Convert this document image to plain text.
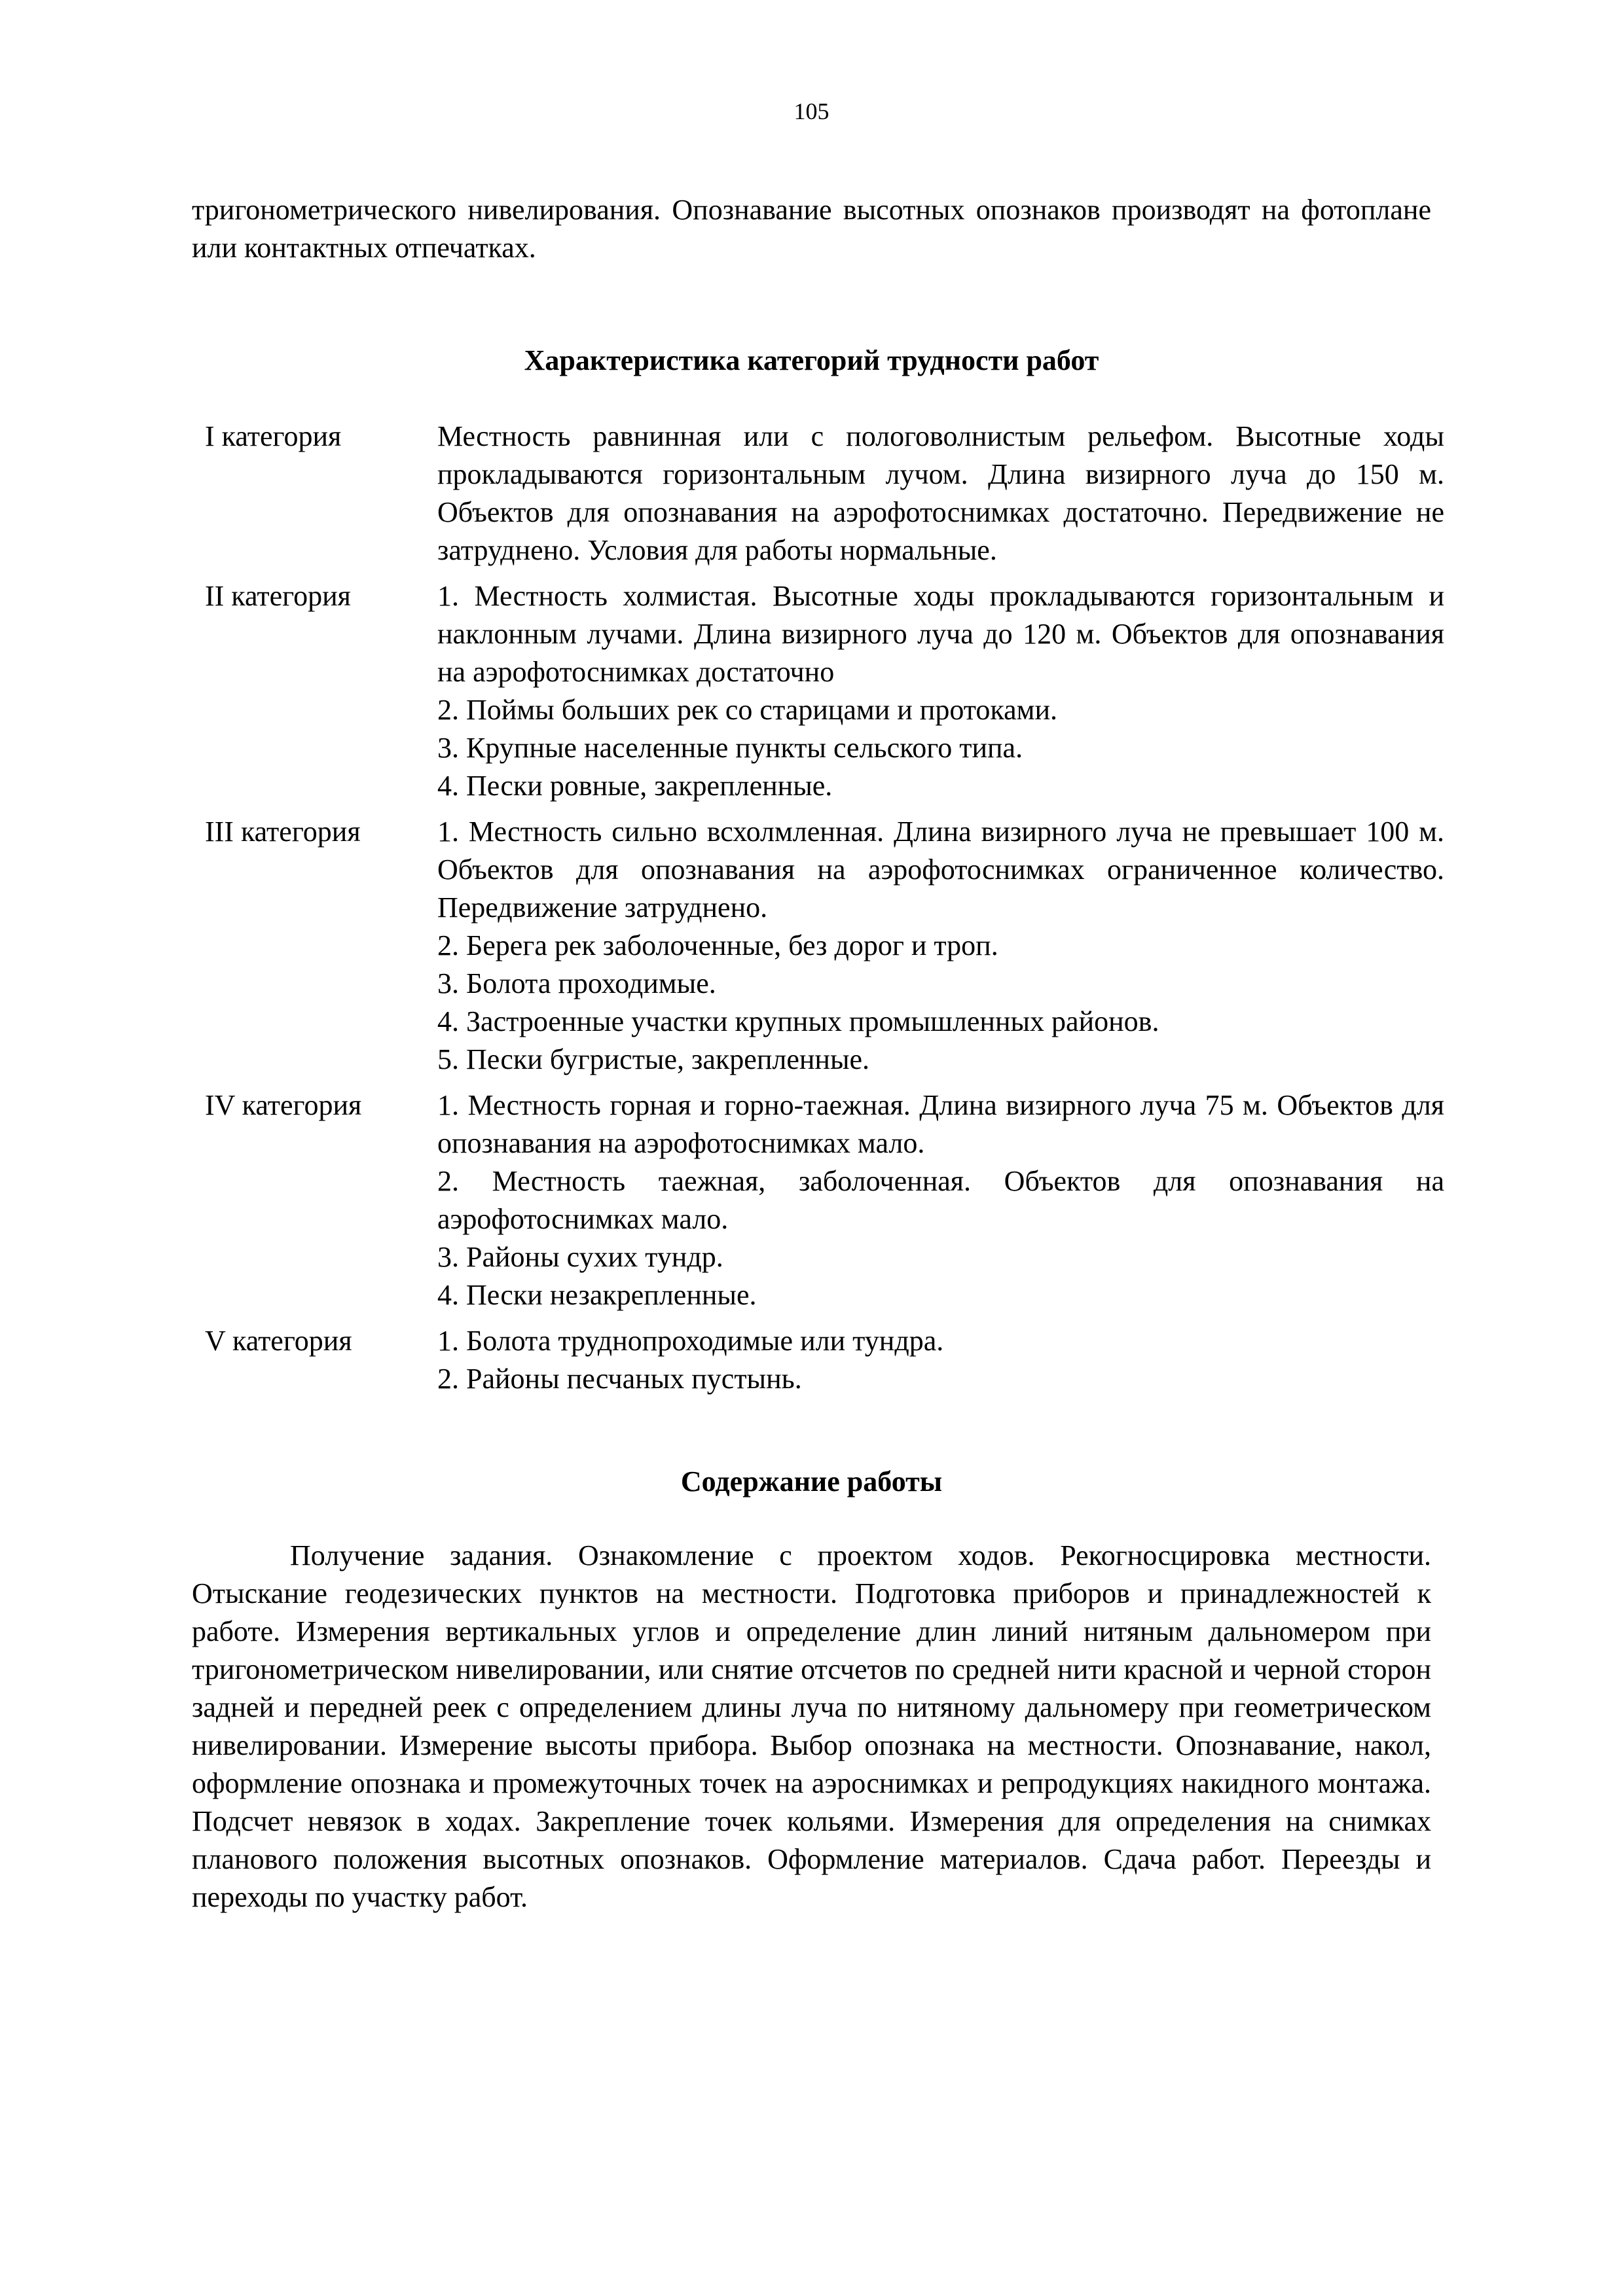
105

тригонометрического нивелирования. Опознавание высотных опознаков производят на фотоплане или контактных отпечатках.

Характеристика категорий трудности работ
I категория	Местность равнинная или с пологоволнистым рельефом. Высотные ходы прокладываются горизонтальным лучом. Длина визирного луча до 150 м. Объектов для опознавания на аэрофотоснимках достаточно. Передвижение не затруднено. Условия для работы нормальные.

II категория	1. Местность холмистая. Высотные ходы прокладываются горизонтальным и наклонным лучами. Длина визирного луча до 120 м. Объектов для опознавания на аэрофотоснимках достаточно

2. Поймы больших рек со старицами и протоками.

3. Крупные населенные пункты сельского типа.

4. Пески ровные, закрепленные.

III категория	1. Местность сильно всхолмленная. Длина визирного луча не превышает 100 м. Объектов для опознавания на аэрофотоснимках ограниченное количество. Передвижение затруднено.

2. Берега рек заболоченные, без дорог и троп.

3. Болота проходимые.

4. Застроенные участки крупных промышленных районов.

5. Пески бугристые, закрепленные.

IV категория	1. Местность горная и горно-таежная. Длина визирного луча 75 м. Объектов для опознавания на аэрофотоснимках мало.

2. Местность таежная, заболоченная. Объектов для опознавания на аэрофотоснимках мало.

3. Районы сухих тундр.

4. Пески незакрепленные.

V категория	1. Болота труднопроходимые или тундра.

2. Районы песчаных пустынь.

Содержание работы

Получение задания. Ознакомление с проектом ходов. Рекогносцировка местности. Отыскание геодезических пунктов на местности. Подготовка приборов и принадлежностей к работе. Измерения вертикальных углов и определение длин линий нитяным дальномером при тригонометрическом нивелировании, или снятие отсчетов по средней нити красной и черной сторон задней и передней реек с определением длины луча по нитяному дальномеру при геометрическом нивелировании. Измерение высоты прибора. Выбор опознака на местности. Опознавание, накол, оформление опознака и промежуточных точек на аэроснимках и репродукциях накидного монтажа. Подсчет невязок в ходах. Закрепление точек кольями. Измерения для определения на снимках планового положения высотных опознаков. Оформление материалов. Сдача работ. Переезды и переходы по участку работ.
